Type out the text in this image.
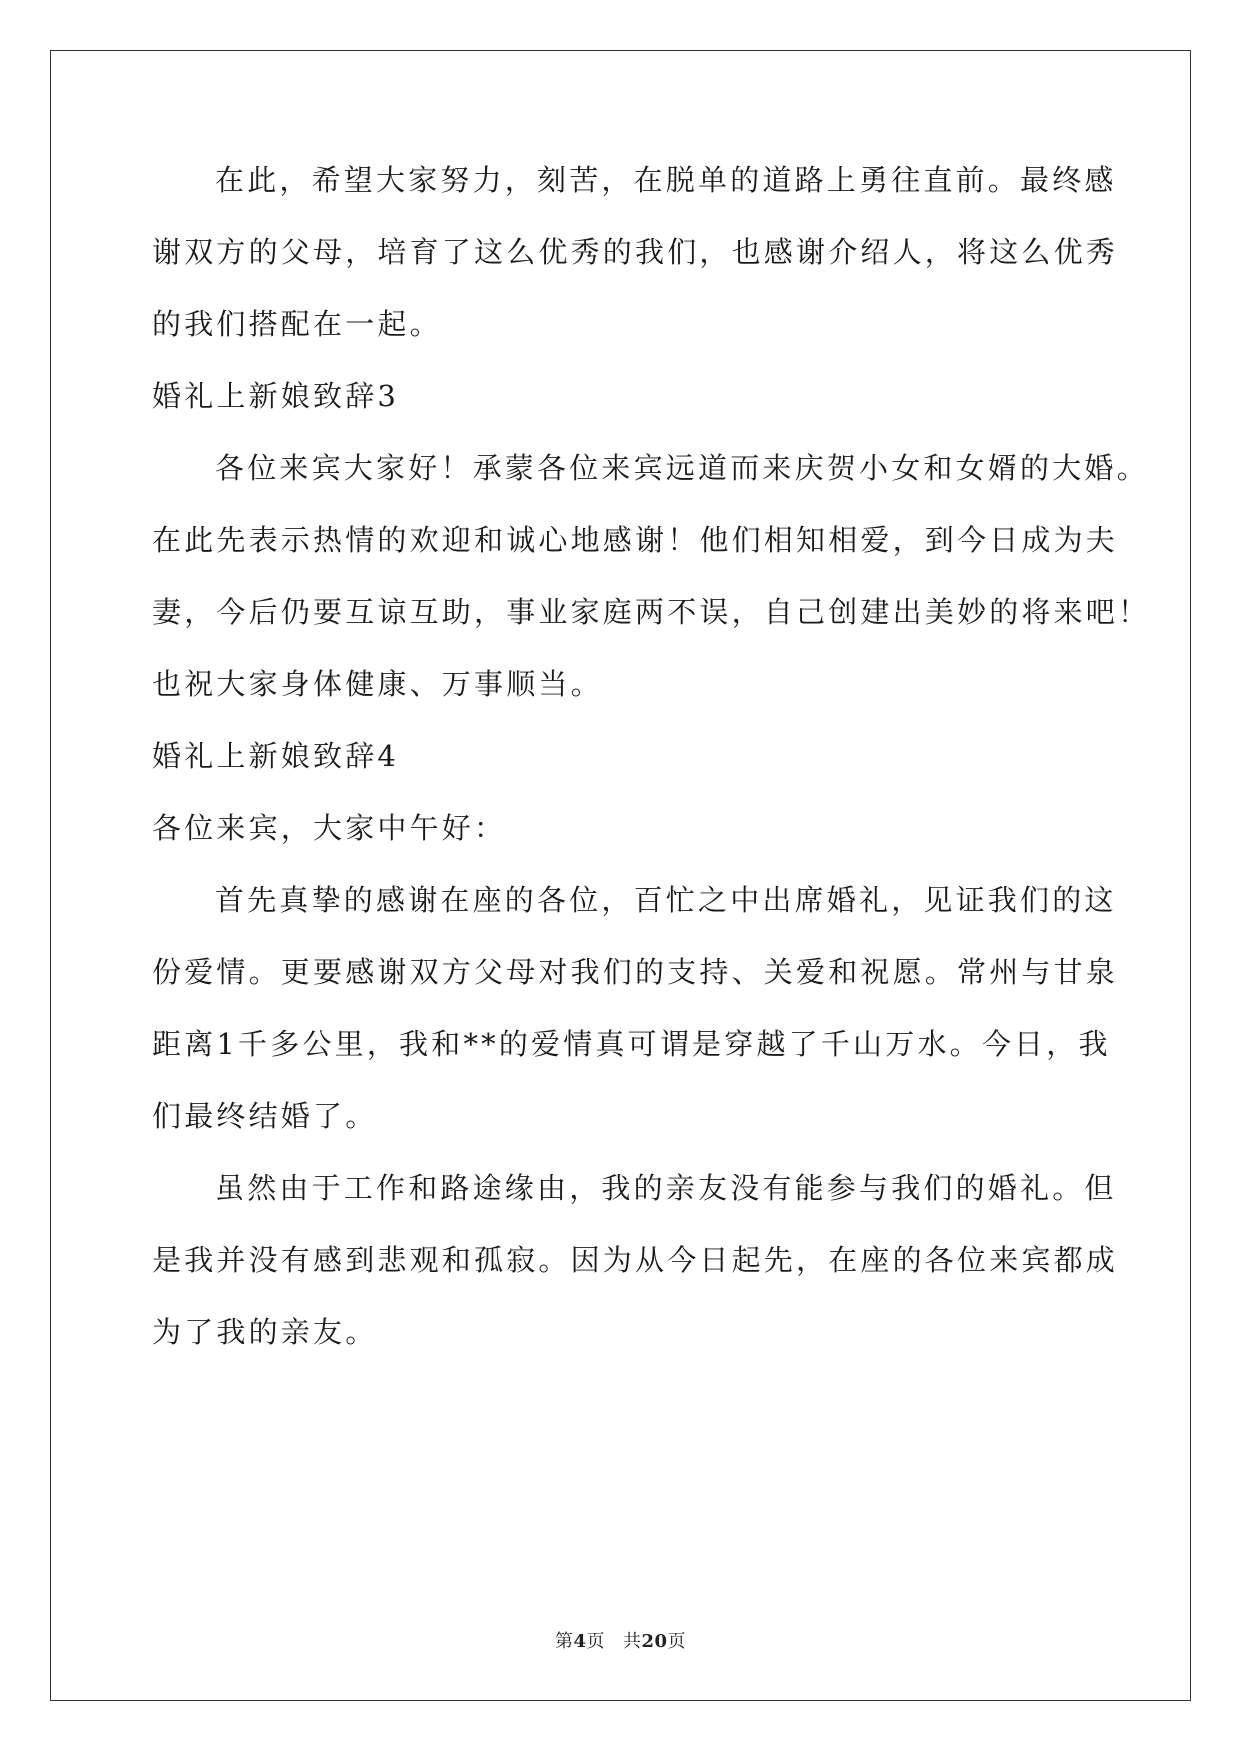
在此，希望大家努力，刻苦，在脱单的道路上勇往直前。最终感
谢双方的父母，培育了这么优秀的我们，也感谢介绍人，将这么优秀
的我们搭配在一起。
婚礼上新娘致辞3
各位来宾大家好！承蒙各位来宾远道而来庆贺小女和女婿的大婚。
在此先表示热情的欢迎和诚心地感谢！他们相知相爱，到今日成为夫
妻，今后仍要互谅互助，事业家庭两不误，自己创建出美妙的将来吧！
也祝大家身体健康、万事顺当。
婚礼上新娘致辞4
各位来宾，大家中午好：
首先真挚的感谢在座的各位，百忙之中出席婚礼，见证我们的这
份爱情。更要感谢双方父母对我们的支持、关爱和祝愿。常州与甘泉
距离1千多公里，我和**的爱情真可谓是穿越了千山万水。今日，我
们最终结婚了。
虽然由于工作和路途缘由，我的亲友没有能参与我们的婚礼。但
是我并没有感到悲观和孤寂。因为从今日起先，在座的各位来宾都成
为了我的亲友。
第4页 共20页
